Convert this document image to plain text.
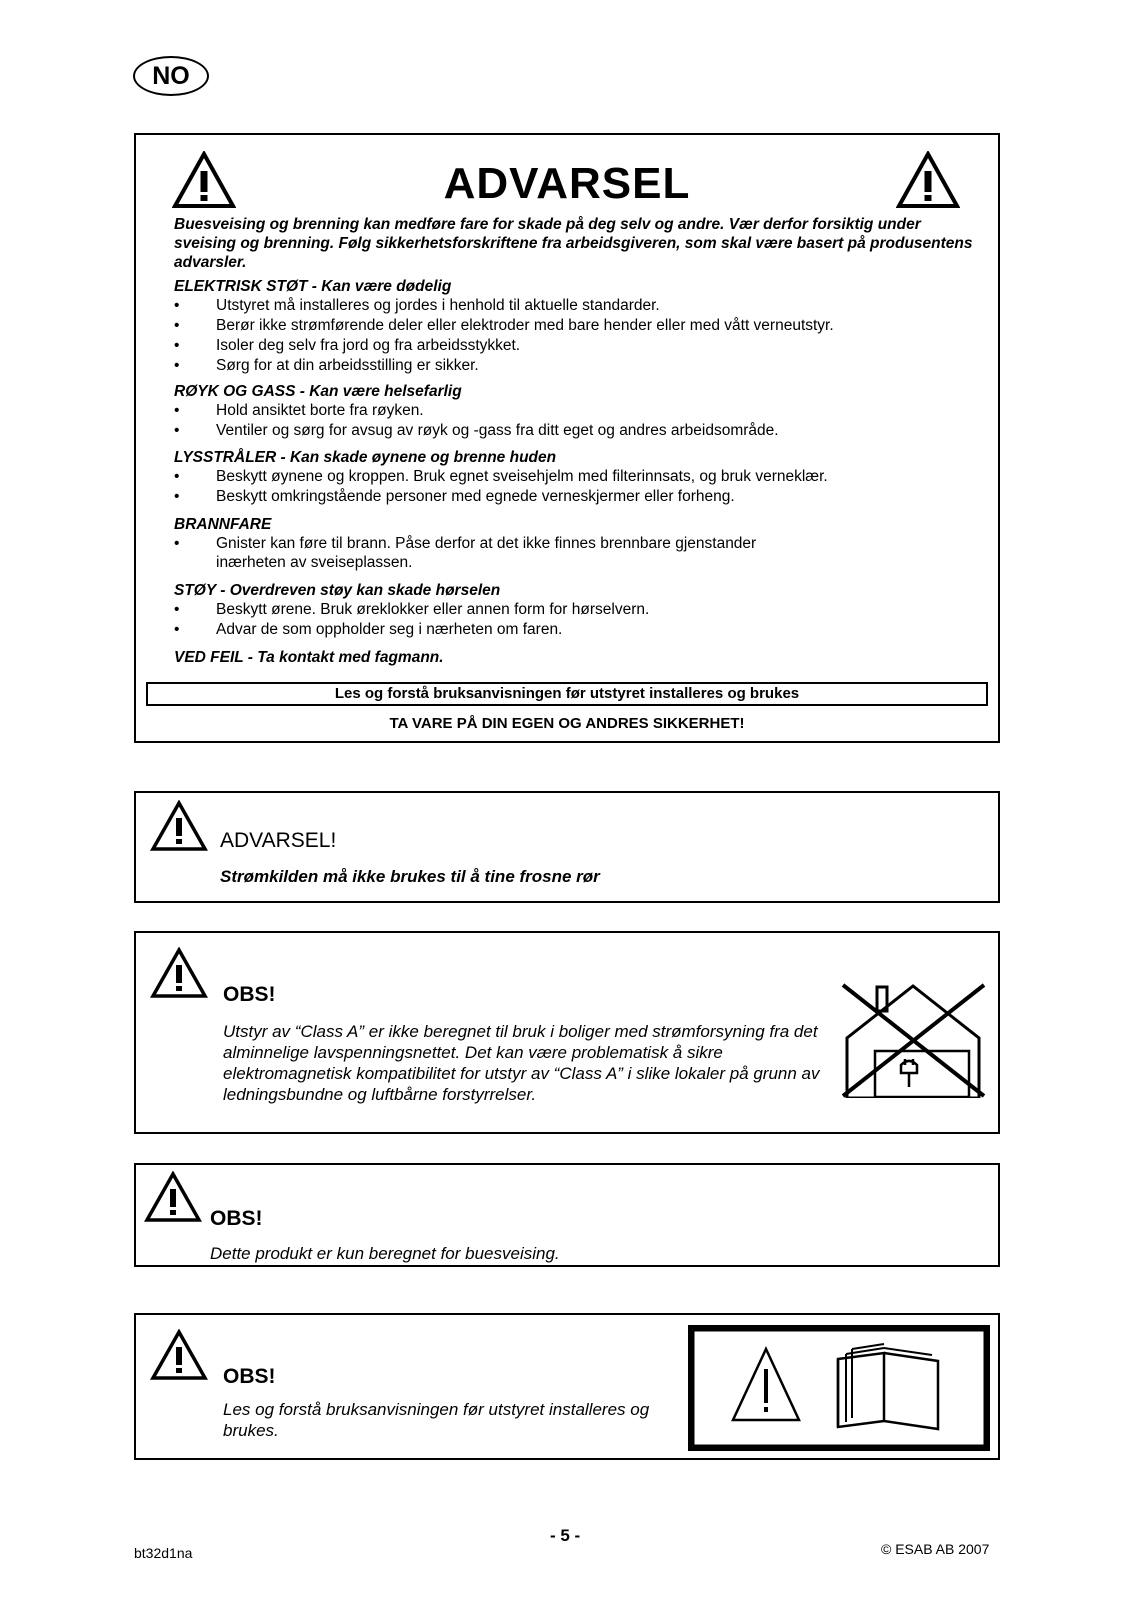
NO
ADVARSEL
Buesveising og brenning kan medføre fare for skade på deg selv og andre. Vær derfor forsiktig under sveising og brenning. Følg sikkerhetsforskriftene fra arbeidsgiveren, som skal være basert på produsentens advarsler.
ELEKTRISK STØT - Kan være dødelig
• Utstyret må installeres og jordes i henhold til aktuelle standarder.
• Berør ikke strømførende deler eller elektroder med bare hender eller med vått verneutstyr.
• Isoler deg selv fra jord og fra arbeidsstykket.
• Sørg for at din arbeidsstilling er sikker.
RØYK OG GASS - Kan være helsefarlig
• Hold ansiktet borte fra røyken.
• Ventiler og sørg for avsug av røyk og -gass fra ditt eget og andres arbeidsområde.
LYSSTRÅLER - Kan skade øynene og brenne huden
• Beskytt øynene og kroppen. Bruk egnet sveisehjelm med filterinnsats, og bruk verneklær.
• Beskytt omkringstående personer med egnede verneskjermer eller forheng.
BRANNFARE
• Gnister kan føre til brann. Påse derfor at det ikke finnes brennbare gjenstander inærheten av sveiseplassen.
STØY - Overdreven støy kan skade hørselen
• Beskytt ørene. Bruk øreklokker eller annen form for hørselvern.
• Advar de som oppholder seg i nærheten om faren.
VED FEIL - Ta kontakt med fagmann.
Les og forstå bruksanvisningen før utstyret installeres og brukes
TA VARE PÅ DIN EGEN OG ANDRES SIKKERHET!
ADVARSEL!
Strømkilden må ikke brukes til å tine frosne rør
OBS!
Utstyr av “Class A” er ikke beregnet til bruk i boliger med strømforsyning fra det alminnelige lavspenningsnettet. Det kan være problematisk å sikre elektromagnetisk kompatibilitet for utstyr av “Class A” i slike lokaler på grunn av ledningsbundne og luftbårne forstyrrelser.
OBS!
Dette produkt er kun beregnet for buesveising.
OBS!
Les og forstå bruksanvisningen før utstyret installeres og brukes.
- 5 -
bt32d1na	© ESAB AB 2007
